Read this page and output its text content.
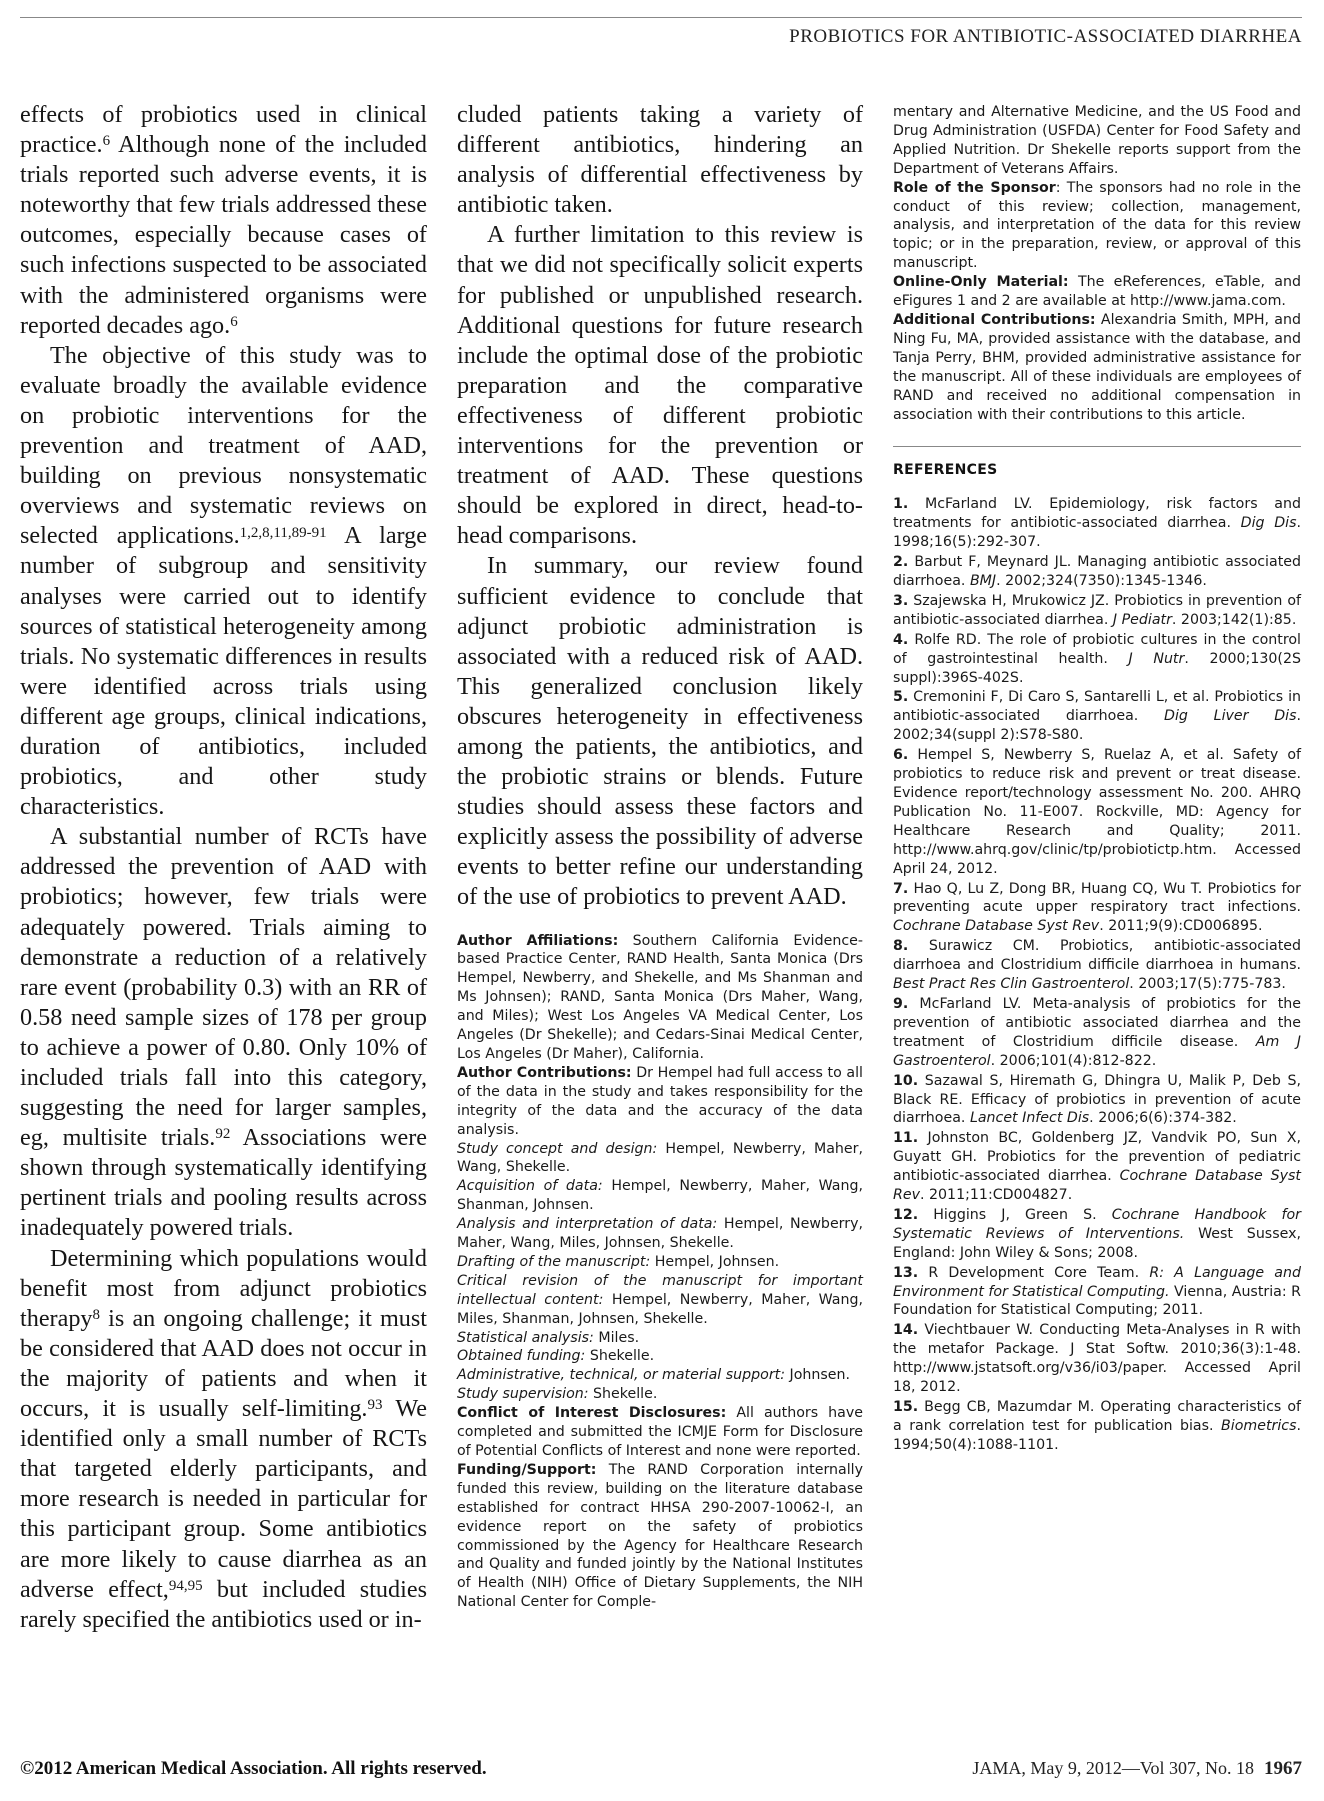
PROBIOTICS FOR ANTIBIOTIC-ASSOCIATED DIARRHEA

effects of probiotics used in clinical practice.$^6$ Although none of the included trials reported such adverse events, it is noteworthy that few trials addressed these outcomes, especially because cases of such infections suspected to be associated with the administered organisms were reported decades ago.$^6$

The objective of this study was to evaluate broadly the available evidence on probiotic interventions for the prevention and treatment of AAD, building on previous nonsystematic overviews and systematic reviews on selected applications.$^{1,2,8,11,89-91}$ A large number of subgroup and sensitivity analyses were carried out to identify sources of statistical heterogeneity among trials. No systematic differences in results were identified across trials using different age groups, clinical indications, duration of antibiotics, included probiotics, and other study characteristics.

A substantial number of RCTs have addressed the prevention of AAD with probiotics; however, few trials were adequately powered. Trials aiming to demonstrate a reduction of a relatively rare event (probability 0.3) with an RR of 0.58 need sample sizes of 178 per group to achieve a power of 0.80. Only 10% of included trials fall into this category, suggesting the need for larger samples, eg, multisite trials.$^{92}$ Associations were shown through systematically identifying pertinent trials and pooling results across inadequately powered trials.

Determining which populations would benefit most from adjunct probiotics therapy$^8$ is an ongoing challenge; it must be considered that AAD does not occur in the majority of patients and when it occurs, it is usually self-limiting.$^{93}$ We identified only a small number of RCTs that targeted elderly participants, and more research is needed in particular for this participant group. Some antibiotics are more likely to cause diarrhea as an adverse effect,$^{94,95}$ but included studies rarely specified the antibiotics used or in-

cluded patients taking a variety of different antibiotics, hindering an analysis of differential effectiveness by antibiotic taken.

A further limitation to this review is that we did not specifically solicit experts for published or unpublished research. Additional questions for future research include the optimal dose of the probiotic preparation and the comparative effectiveness of different probiotic interventions for the prevention or treatment of AAD. These questions should be explored in direct, head-to-head comparisons.

In summary, our review found sufficient evidence to conclude that adjunct probiotic administration is associated with a reduced risk of AAD. This generalized conclusion likely obscures heterogeneity in effectiveness among the patients, the antibiotics, and the probiotic strains or blends. Future studies should assess these factors and explicitly assess the possibility of adverse events to better refine our understanding of the use of probiotics to prevent AAD.

Author Affiliations: Southern California Evidence-based Practice Center, RAND Health, Santa Monica (Drs Hempel, Newberry, and Shekelle, and Ms Shanman and Ms Johnsen); RAND, Santa Monica (Drs Maher, Wang, and Miles); West Los Angeles VA Medical Center, Los Angeles (Dr Shekelle); and Cedars-Sinai Medical Center, Los Angeles (Dr Maher), California.

Author Contributions: Dr Hempel had full access to all of the data in the study and takes responsibility for the integrity of the data and the accuracy of the data analysis.

Study concept and design: Hempel, Newberry, Maher, Wang, Shekelle.

Acquisition of data: Hempel, Newberry, Maher, Wang, Shanman, Johnsen.

Analysis and interpretation of data: Hempel, Newberry, Maher, Wang, Miles, Johnsen, Shekelle.

Drafting of the manuscript: Hempel, Johnsen.

Critical revision of the manuscript for important intellectual content: Hempel, Newberry, Maher, Wang, Miles, Shanman, Johnsen, Shekelle.

Statistical analysis: Miles.

Obtained funding: Shekelle.

Administrative, technical, or material support: Johnsen.

Study supervision: Shekelle.

Conflict of Interest Disclosures: All authors have completed and submitted the ICMJE Form for Disclosure of Potential Conflicts of Interest and none were reported.

Funding/Support: The RAND Corporation internally funded this review, building on the literature database established for contract HHSA 290-2007-10062-I, an evidence report on the safety of probiotics commissioned by the Agency for Healthcare Research and Quality and funded jointly by the National Institutes of Health (NIH) Office of Dietary Supplements, the NIH National Center for Comple-

mentary and Alternative Medicine, and the US Food and Drug Administration (USFDA) Center for Food Safety and Applied Nutrition. Dr Shekelle reports support from the Department of Veterans Affairs.

Role of the Sponsor: The sponsors had no role in the conduct of this review; collection, management, analysis, and interpretation of the data for this review topic; or in the preparation, review, or approval of this manuscript.

Online-Only Material: The eReferences, eTable, and eFigures 1 and 2 are available at http://www.jama.com.

Additional Contributions: Alexandria Smith, MPH, and Ning Fu, MA, provided assistance with the database, and Tanja Perry, BHM, provided administrative assistance for the manuscript. All of these individuals are employees of RAND and received no additional compensation in association with their contributions to this article.

REFERENCES

1. McFarland LV. Epidemiology, risk factors and treatments for antibiotic-associated diarrhea. Dig Dis. 1998;16(5):292-307.

2. Barbut F, Meynard JL. Managing antibiotic associated diarrhoea. BMJ. 2002;324(7350):1345-1346.

3. Szajewska H, Mrukowicz JZ. Probiotics in prevention of antibiotic-associated diarrhea. J Pediatr. 2003;142(1):85.

4. Rolfe RD. The role of probiotic cultures in the control of gastrointestinal health. J Nutr. 2000;130(2S suppl):396S-402S.

5. Cremonini F, Di Caro S, Santarelli L, et al. Probiotics in antibiotic-associated diarrhoea. Dig Liver Dis. 2002;34(suppl 2):S78-S80.

6. Hempel S, Newberry S, Ruelaz A, et al. Safety of probiotics to reduce risk and prevent or treat disease. Evidence report/technology assessment No. 200. AHRQ Publication No. 11-E007. Rockville, MD: Agency for Healthcare Research and Quality; 2011. http://www.ahrq.gov/clinic/tp/probiotictp.htm. Accessed April 24, 2012.

7. Hao Q, Lu Z, Dong BR, Huang CQ, Wu T. Probiotics for preventing acute upper respiratory tract infections. Cochrane Database Syst Rev. 2011;9(9):CD006895.

8. Surawicz CM. Probiotics, antibiotic-associated diarrhoea and Clostridium difficile diarrhoea in humans. Best Pract Res Clin Gastroenterol. 2003;17(5):775-783.

9. McFarland LV. Meta-analysis of probiotics for the prevention of antibiotic associated diarrhea and the treatment of Clostridium difficile disease. Am J Gastroenterol. 2006;101(4):812-822.

10. Sazawal S, Hiremath G, Dhingra U, Malik P, Deb S, Black RE. Efficacy of probiotics in prevention of acute diarrhoea. Lancet Infect Dis. 2006;6(6):374-382.

11. Johnston BC, Goldenberg JZ, Vandvik PO, Sun X, Guyatt GH. Probiotics for the prevention of pediatric antibiotic-associated diarrhea. Cochrane Database Syst Rev. 2011;11:CD004827.

12. Higgins J, Green S. Cochrane Handbook for Systematic Reviews of Interventions. West Sussex, England: John Wiley & Sons; 2008.

13. R Development Core Team. R: A Language and Environment for Statistical Computing. Vienna, Austria: R Foundation for Statistical Computing; 2011.

14. Viechtbauer W. Conducting Meta-Analyses in R with the metafor Package. J Stat Softw. 2010;36(3):1-48. http://www.jstatsoft.org/v36/i03/paper. Accessed April 18, 2012.

15. Begg CB, Mazumdar M. Operating characteristics of a rank correlation test for publication bias. Biometrics. 1994;50(4):1088-1101.

©2012 American Medical Association. All rights reserved.	JAMA, May 9, 2012—Vol 307, No. 18 1967
